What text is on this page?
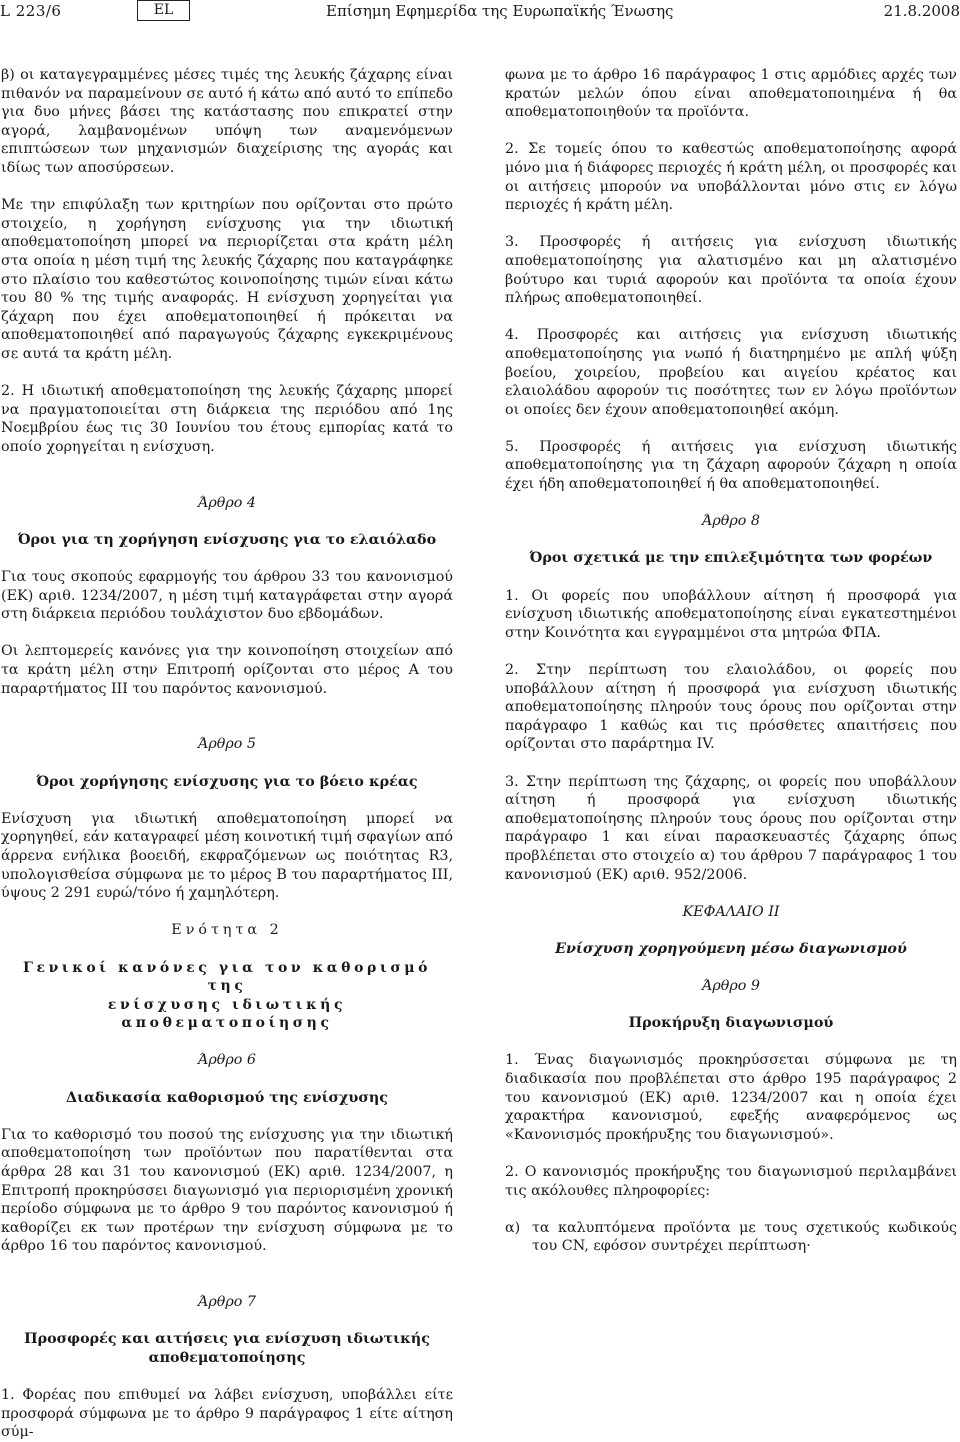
L 223/6	EL	Επίσημη Εφημερίδα της Ευρωπαϊκής Ένωσης	21.8.2008

β) οι καταγεγραμμένες μέσες τιμές της λευκής ζάχαρης είναι πιθανόν να παραμείνουν σε αυτό ή κάτω από αυτό το επίπεδο για δυο μήνες βάσει της κατάστασης που επικρατεί στην αγορά, λαμβανομένων υπόψη των αναμενόμενων επιπτώσεων των μηχανισμών διαχείρισης της αγοράς και ιδίως των αποσύρσεων.

Με την επιφύλαξη των κριτηρίων που ορίζονται στο πρώτο στοιχείο, η χορήγηση ενίσχυσης για την ιδιωτική αποθεματοποίηση μπορεί να περιορίζεται στα κράτη μέλη στα οποία η μέση τιμή της λευκής ζάχαρης που καταγράφηκε στο πλαίσιο του καθεστώτος κοινοποίησης τιμών είναι κάτω του 80 % της τιμής αναφοράς. Η ενίσχυση χορηγείται για ζάχαρη που έχει αποθεματοποιηθεί ή πρόκειται να αποθεματοποιηθεί από παραγωγούς ζάχαρης εγκεκριμένους σε αυτά τα κράτη μέλη.

2. Η ιδιωτική αποθεματοποίηση της λευκής ζάχαρης μπορεί να πραγματοποιείται στη διάρκεια της περιόδου από 1ης Νοεμβρίου έως τις 30 Ιουνίου του έτους εμπορίας κατά το οποίο χορηγείται η ενίσχυση.

Άρθρο 4
Όροι για τη χορήγηση ενίσχυσης για το ελαιόλαδο

Για τους σκοπούς εφαρμογής του άρθρου 33 του κανονισμού (ΕΚ) αριθ. 1234/2007, η μέση τιμή καταγράφεται στην αγορά στη διάρκεια περιόδου τουλάχιστον δυο εβδομάδων.

Οι λεπτομερείς κανόνες για την κοινοποίηση στοιχείων από τα κράτη μέλη στην Επιτροπή ορίζονται στο μέρος Α του παραρτήματος ΙΙΙ του παρόντος κανονισμού.

Άρθρο 5
Όροι χορήγησης ενίσχυσης για το βόειο κρέας

Ενίσχυση για ιδιωτική αποθεματοποίηση μπορεί να χορηγηθεί, εάν καταγραφεί μέση κοινοτική τιμή σφαγίων από άρρενα ενήλικα βοοειδή, εκφραζόμενων ως ποιότητας R3, υπολογισθείσα σύμφωνα με το μέρος Β του παραρτήματος ΙΙΙ, ύψους 2 291 ευρώ/τόνο ή χαμηλότερη.

Ενότητα 2
Γενικοί κανόνες για τον καθορισμό της
ενίσχυσης ιδιωτικής αποθεματοποίησης
Άρθρο 6
Διαδικασία καθορισμού της ενίσχυσης

Για το καθορισμό του ποσού της ενίσχυσης για την ιδιωτική αποθεματοποίηση των προϊόντων που παρατίθενται στα άρθρα 28 και 31 του κανονισμού (ΕΚ) αριθ. 1234/2007, η Επιτροπή προκηρύσσει διαγωνισμό για περιορισμένη χρονική περίοδο σύμφωνα με το άρθρο 9 του παρόντος κανονισμού ή καθορίζει εκ των προτέρων την ενίσχυση σύμφωνα με το άρθρο 16 του παρόντος κανονισμού.

Άρθρο 7
Προσφορές και αιτήσεις για ενίσχυση ιδιωτικής αποθεματοποίησης

1. Φορέας που επιθυμεί να λάβει ενίσχυση, υποβάλλει είτε προσφορά σύμφωνα με το άρθρο 9 παράγραφος 1 είτε αίτηση σύμ-

φωνα με το άρθρο 16 παράγραφος 1 στις αρμόδιες αρχές των κρατών μελών όπου είναι αποθεματοποιημένα ή θα αποθεματοποιηθούν τα προϊόντα.

2. Σε τομείς όπου το καθεστώς αποθεματοποίησης αφορά μόνο μια ή διάφορες περιοχές ή κράτη μέλη, οι προσφορές και οι αιτήσεις μπορούν να υποβάλλονται μόνο στις εν λόγω περιοχές ή κράτη μέλη.

3. Προσφορές ή αιτήσεις για ενίσχυση ιδιωτικής αποθεματοποίησης για αλατισμένο και μη αλατισμένο βούτυρο και τυριά αφορούν και προϊόντα τα οποία έχουν πλήρως αποθεματοποιηθεί.

4. Προσφορές και αιτήσεις για ενίσχυση ιδιωτικής αποθεματοποίησης για νωπό ή διατηρημένο με απλή ψύξη βοείου, χοιρείου, προβείου και αιγείου κρέατος και ελαιολάδου αφορούν τις ποσότητες των εν λόγω προϊόντων οι οποίες δεν έχουν αποθεματοποιηθεί ακόμη.

5. Προσφορές ή αιτήσεις για ενίσχυση ιδιωτικής αποθεματοποίησης για τη ζάχαρη αφορούν ζάχαρη η οποία έχει ήδη αποθεματοποιηθεί ή θα αποθεματοποιηθεί.

Άρθρο 8
Όροι σχετικά με την επιλεξιμότητα των φορέων

1. Οι φορείς που υποβάλλουν αίτηση ή προσφορά για ενίσχυση ιδιωτικής αποθεματοποίησης είναι εγκατεστημένοι στην Κοινότητα και εγγραμμένοι στα μητρώα ΦΠΑ.

2. Στην περίπτωση του ελαιολάδου, οι φορείς που υποβάλλουν αίτηση ή προσφορά για ενίσχυση ιδιωτικής αποθεματοποίησης πληρούν τους όρους που ορίζονται στην παράγραφο 1 καθώς και τις πρόσθετες απαιτήσεις που ορίζονται στο παράρτημα IV.

3. Στην περίπτωση της ζάχαρης, οι φορείς που υποβάλλουν αίτηση ή προσφορά για ενίσχυση ιδιωτικής αποθεματοποίησης πληρούν τους όρους που ορίζονται στην παράγραφο 1 και είναι παρασκευαστές ζάχαρης όπως προβλέπεται στο στοιχείο α) του άρθρου 7 παράγραφος 1 του κανονισμού (ΕΚ) αριθ. 952/2006.

ΚΕΦΑΛΑΙΟ ΙΙ
Ενίσχυση χορηγούμενη μέσω διαγωνισμού
Άρθρο 9
Προκήρυξη διαγωνισμού

1. Ένας διαγωνισμός προκηρύσσεται σύμφωνα με τη διαδικασία που προβλέπεται στο άρθρο 195 παράγραφος 2 του κανονισμού (ΕΚ) αριθ. 1234/2007 και η οποία έχει χαρακτήρα κανονισμού, εφεξής αναφερόμενος ως «Κανονισμός προκήρυξης του διαγωνισμού».

2. Ο κανονισμός προκήρυξης του διαγωνισμού περιλαμβάνει τις ακόλουθες πληροφορίες:

α) τα καλυπτόμενα προϊόντα με τους σχετικούς κωδικούς του CN, εφόσον συντρέχει περίπτωση·
